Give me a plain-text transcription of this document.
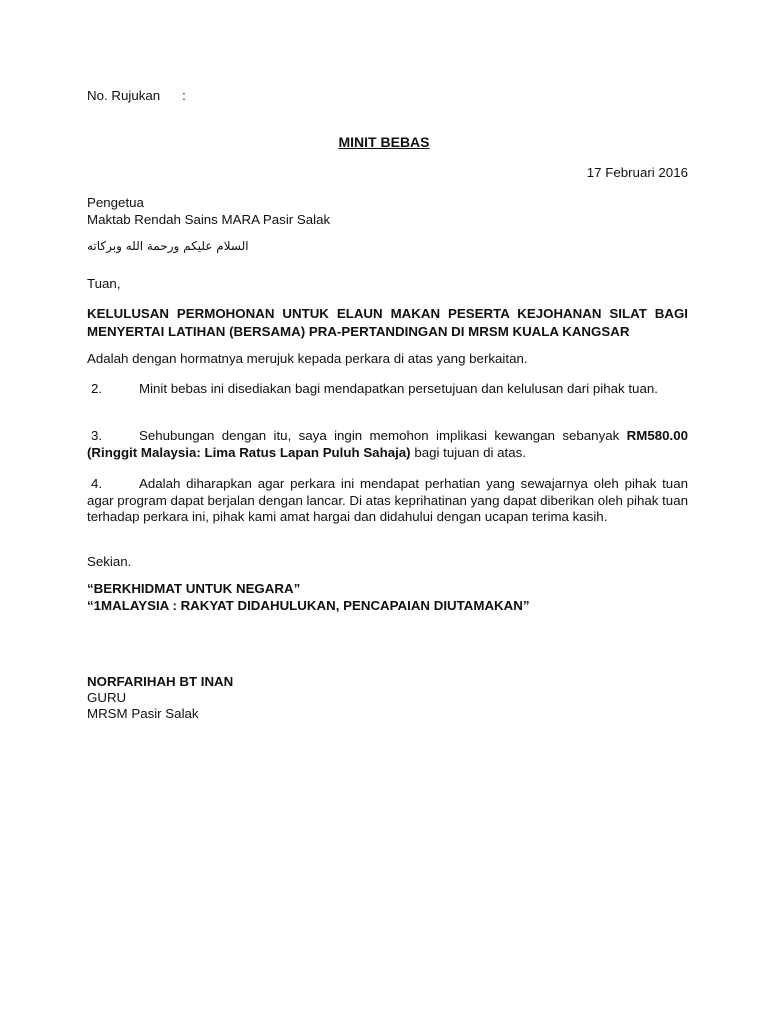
No. Rujukan :
MINIT BEBAS
17 Februari 2016
Pengetua
Maktab Rendah Sains MARA Pasir Salak
السلام عليكم ورحمة الله وبركاته
Tuan,
KELULUSAN PERMOHONAN UNTUK ELAUN MAKAN PESERTA KEJOHANAN SILAT BAGI MENYERTAI LATIHAN (BERSAMA) PRA-PERTANDINGAN DI MRSM KUALA KANGSAR
Adalah dengan hormatnya merujuk kepada perkara di atas yang berkaitan.
2.	Minit bebas ini disediakan bagi mendapatkan persetujuan dan kelulusan dari pihak tuan.
3.	Sehubungan dengan itu, saya ingin memohon implikasi kewangan sebanyak RM580.00 (Ringgit Malaysia: Lima Ratus Lapan Puluh Sahaja) bagi tujuan di atas.
4.	Adalah diharapkan agar perkara ini mendapat perhatian yang sewajarnya oleh pihak tuan agar program dapat berjalan dengan lancar. Di atas keprihatinan yang dapat diberikan oleh pihak tuan terhadap perkara ini, pihak kami amat hargai dan didahului dengan ucapan terima kasih.
Sekian.
“BERKHIDMAT UNTUK NEGARA”
“1MALAYSIA : RAKYAT DIDAHULUKAN, PENCAPAIAN DIUTAMAKAN”
NORFARIHAH BT INAN
GURU
MRSM Pasir Salak
